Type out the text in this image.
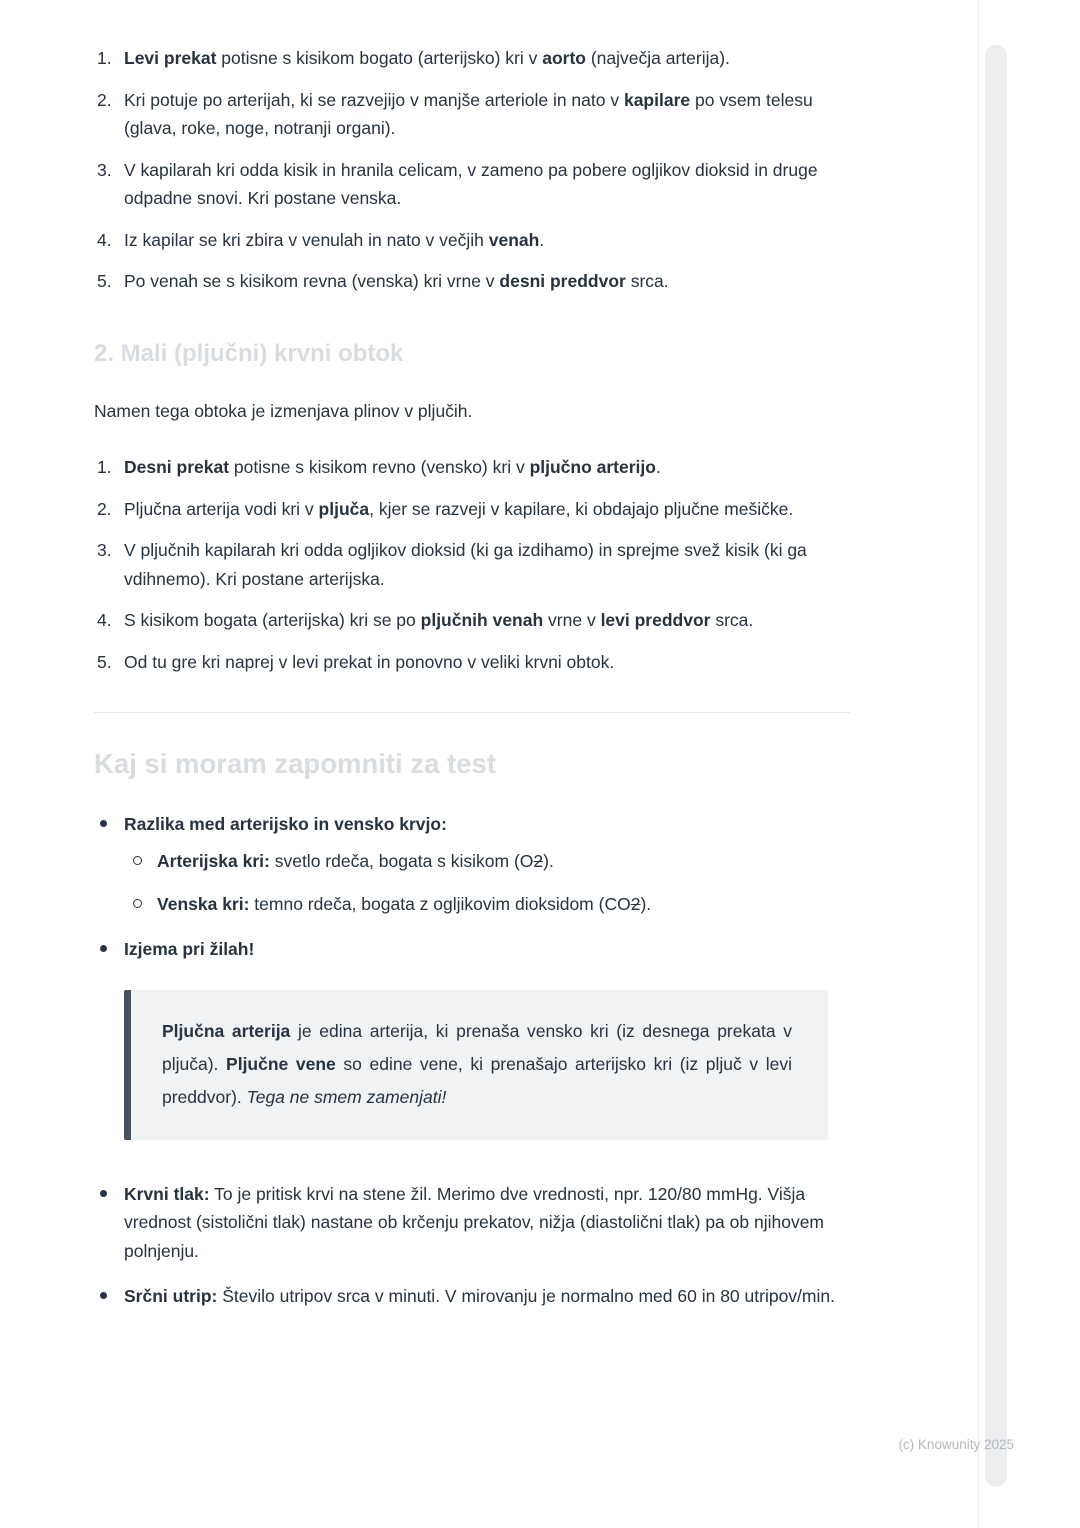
Levi prekat potisne s kisikom bogato (arterijsko) kri v aorto (največja arterija).
Kri potuje po arterijah, ki se razvejijo v manjše arteriole in nato v kapilare po vsem telesu (glava, roke, noge, notranji organi).
V kapilarah kri odda kisik in hranila celicam, v zameno pa pobere ogljikov dioksid in druge odpadne snovi. Kri postane venska.
Iz kapilar se kri zbira v venulah in nato v večjih venah.
Po venah se s kisikom revna (venska) kri vrne v desni preddvor srca.
2. Mali (pljučni) krvni obtok

Namen tega obtoka je izmenjava plinov v pljučih.

Desni prekat potisne s kisikom revno (vensko) kri v pljučno arterijo.
Pljučna arterija vodi kri v pljuča, kjer se razveji v kapilare, ki obdajajo pljučne mešičke.
V pljučnih kapilarah kri odda ogljikov dioksid (ki ga izdihamo) in sprejme svež kisik (ki ga vdihnemo). Kri postane arterijska.
S kisikom bogata (arterijska) kri se po pljučnih venah vrne v levi preddvor srca.
Od tu gre kri naprej v levi prekat in ponovno v veliki krvni obtok.
Kaj si moram zapomniti za test
Razlika med arterijsko in vensko krvjo:
Arterijska kri: svetlo rdeča, bogata s kisikom (O2).
Venska kri: temno rdeča, bogata z ogljikovim dioksidom (CO2).
Izjema pri žilah!
Pljučna arterija je edina arterija, ki prenaša vensko kri (iz desnega prekata v pljuča). Pljučne vene so edine vene, ki prenašajo arterijsko kri (iz pljuč v levi preddvor). Tega ne smem zamenjati!
Krvni tlak: To je pritisk krvi na stene žil. Merimo dve vrednosti, npr. 120/80 mmHg. Višja vrednost (sistolični tlak) nastane ob krčenju prekatov, nižja (diastolični tlak) pa ob njihovem polnjenju.
Srčni utrip: Število utripov srca v minuti. V mirovanju je normalno med 60 in 80 utripov/min.
(c) Knowunity 2025
